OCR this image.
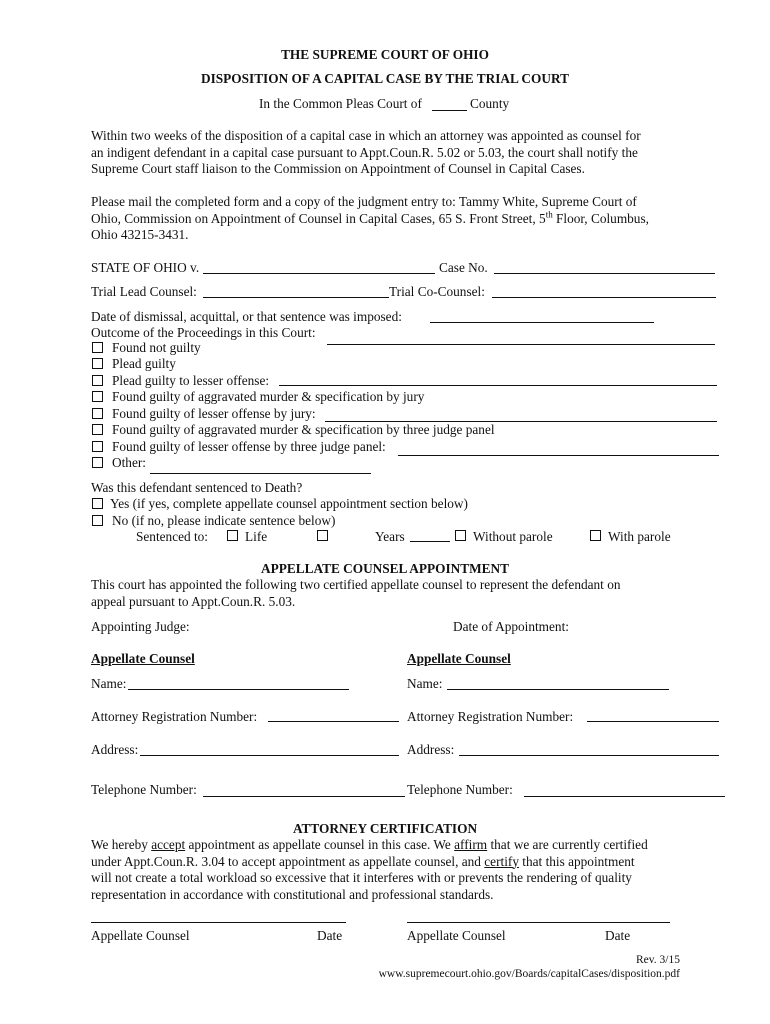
THE SUPREME COURT OF OHIO
DISPOSITION OF A CAPITAL CASE BY THE TRIAL COURT
In the Common Pleas Court of	County
Within two weeks of the disposition of a capital case in which an attorney was appointed as counsel for
an indigent defendant in a capital case pursuant to Appt.Coun.R. 5.02 or 5.03, the court shall notify the
Supreme Court staff liaison to the Commission on Appointment of Counsel in Capital Cases.
Please mail the completed form and a copy of the judgment entry to: Tammy White, Supreme Court of
Ohio, Commission on Appointment of Counsel in Capital Cases, 65 S. Front Street, 5th Floor, Columbus,
Ohio 43215-3431.
STATE OF OHIO v.	Case No.
Trial Lead Counsel:	Trial Co-Counsel:
Date of dismissal, acquittal, or that sentence was imposed:
Outcome of the Proceedings in this Court:
Found not guilty
Plead guilty
Plead guilty to lesser offense:
Found guilty of aggravated murder & specification by jury
Found guilty of lesser offense by jury:
Found guilty of aggravated murder & specification by three judge panel
Found guilty of lesser offense by three judge panel:
Other:
Was this defendant sentenced to Death?
Yes (if yes, complete appellate counsel appointment section below)
No (if no, please indicate sentence below)
Sentenced to:	Life	Years	Without parole	With parole
APPELLATE COUNSEL APPOINTMENT
This court has appointed the following two certified appellate counsel to represent the defendant on
appeal pursuant to Appt.Coun.R. 5.03.
Appointing Judge:	Date of Appointment:
Appellate Counsel	Appellate Counsel
Name:	Name:
Attorney Registration Number:	Attorney Registration Number:
Address:	Address:
Telephone Number:	Telephone Number:
ATTORNEY CERTIFICATION
We hereby accept appointment as appellate counsel in this case. We affirm that we are currently certified
under Appt.Coun.R. 3.04 to accept appointment as appellate counsel, and certify that this appointment
will not create a total workload so excessive that it interferes with or prevents the rendering of quality
representation in accordance with constitutional and professional standards.
Appellate Counsel	Date	Appellate Counsel	Date
Rev. 3/15
www.supremecourt.ohio.gov/Boards/capitalCases/disposition.pdf
